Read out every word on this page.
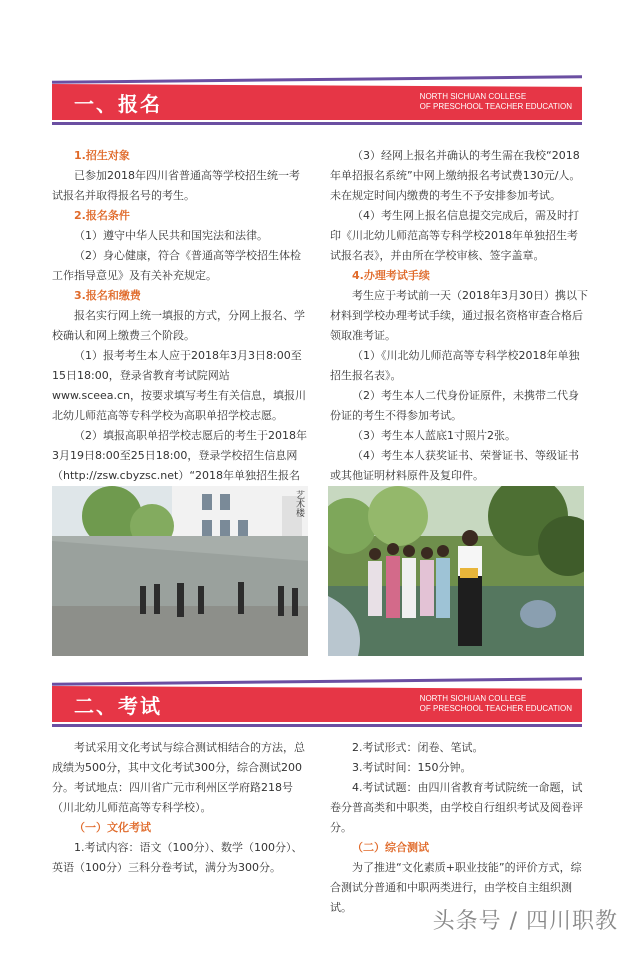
一、报名	NORTH SICHUAN COLLEGE
OF PRESCHOOL TEACHER EDUCATION

1.招生对象

已参加2018年四川省普通高等学校招生统一考试报名并取得报名号的考生。

2.报名条件

（1）遵守中华人民共和国宪法和法律。

（2）身心健康，符合《普通高等学校招生体检工作指导意见》及有关补充规定。

3.报名和缴费

报名实行网上统一填报的方式，分网上报名、学校确认和网上缴费三个阶段。

（1）报考考生本人应于2018年3月3日8:00至15日18:00，登录省教育考试院网站www.sceea.cn，按要求填写考生有关信息，填报川北幼儿师范高等专科学校为高职单招学校志愿。

（2）填报高职单招学校志愿后的考生于2018年3月19日8:00至25日18:00，登录学校招生信息网（http://zsw.cbyzsc.net）“2018年单独招生报名

（3）经网上报名并确认的考生需在我校“2018年单招报名系统”中网上缴纳报名考试费130元/人。未在规定时间内缴费的考生不予安排参加考试。

（4）考生网上报名信息提交完成后，需及时打印《川北幼儿师范高等专科学校2018年单独招生考试报名表》，并由所在学校审核、签字盖章。

4.办理考试手续

考生应于考试前一天（2018年3月30日）携以下材料到学校办理考试手续，通过报名资格审查合格后领取准考证。

（1）《川北幼儿师范高等专科学校2018年单独招生报名表》。

（2）考生本人二代身份证原件，未携带二代身份证的考生不得参加考试。

（3）考生本人蓝底1寸照片2张。

（4）考生本人获奖证书、荣誉证书、等级证书或其他证明材料原件及复印件。

艺术楼
二、考试	NORTH SICHUAN COLLEGE
OF PRESCHOOL TEACHER EDUCATION

考试采用文化考试与综合测试相结合的方法，总成绩为500分，其中文化考试300分，综合测试200分。考试地点：四川省广元市利州区学府路218号（川北幼儿师范高等专科学校）。

（一）文化考试

1.考试内容：语文（100分）、数学（100分）、英语（100分）三科分卷考试，满分为300分。

2.考试形式：闭卷、笔试。

3.考试时间：150分钟。

4.考试试题：由四川省教育考试院统一命题，试卷分普高类和中职类，由学校自行组织考试及阅卷评分。

（二）综合测试

为了推进“文化素质+职业技能”的评价方式，综合测试分普通和中职两类进行，由学校自主组织测试。

头条号 / 四川职教
